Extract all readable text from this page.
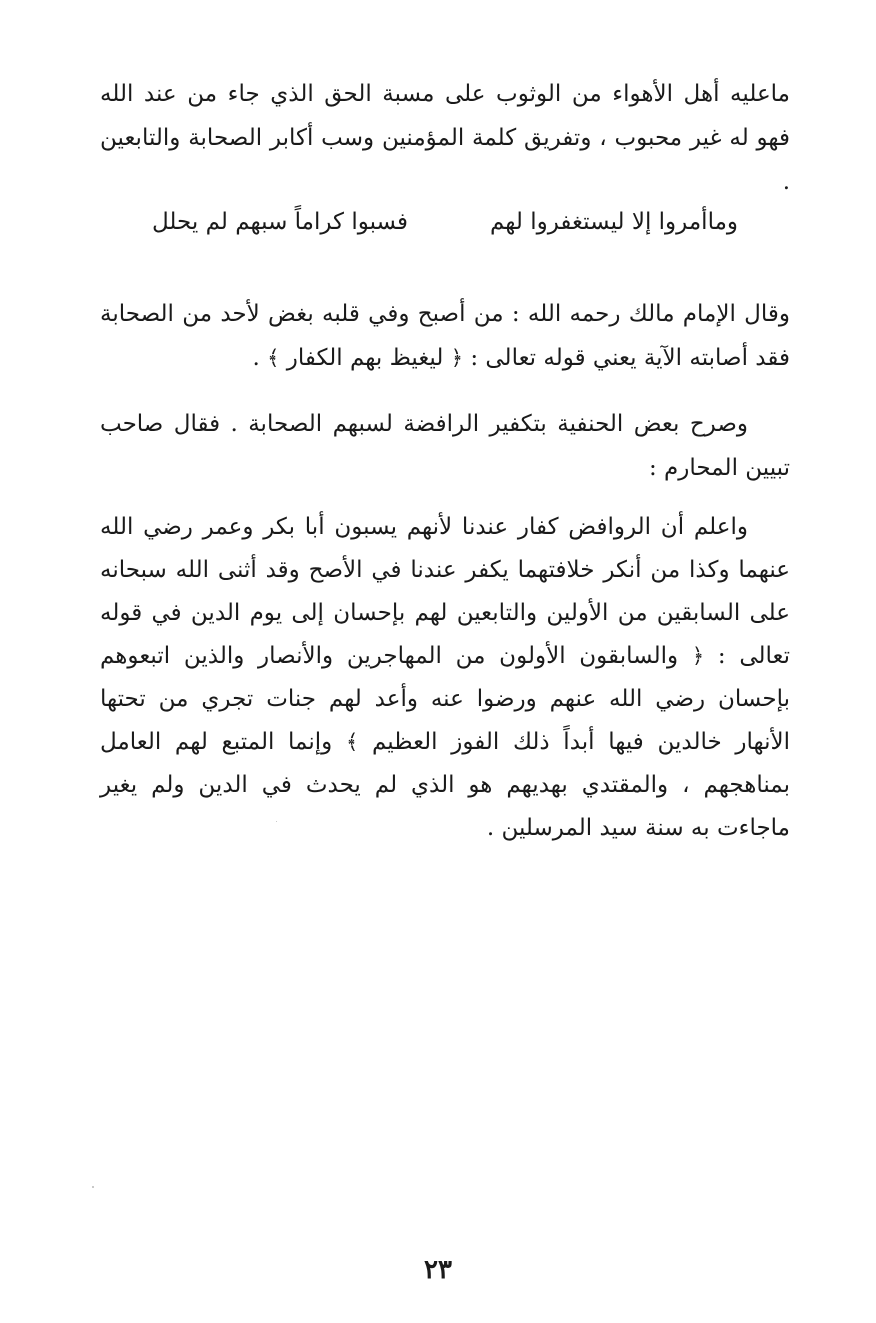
ماعليه أهل الأهواء من الوثوب على مسبة الحق الذي جاء من عند الله فهو له غير محبوب ، وتفريق كلمة المؤمنين وسب أكابر الصحابة والتابعين .

وماأمروا إلا ليستغفروا لهم
فسبوا كراماً سبهم لم يحلل

وقال الإمام مالك رحمه الله : من أصبح وفي قلبه بغض لأحد من الصحابة فقد أصابته الآية يعني قوله تعالى : ﴿ ليغيظ بهم الكفار ﴾ .

وصرح بعض الحنفية بتكفير الرافضة لسبهم الصحابة . فقال صاحب تبيين المحارم :

واعلم أن الروافض كفار عندنا لأنهم يسبون أبا بكر وعمر رضي الله عنهما وكذا من أنكر خلافتهما يكفر عندنا في الأصح وقد أثنى الله سبحانه على السابقين من الأولين والتابعين لهم بإحسان إلى يوم الدين في قوله تعالى : ﴿ والسابقون الأولون من المهاجرين والأنصار والذين اتبعوهم بإحسان رضي الله عنهم ورضوا عنه وأعد لهم جنات تجري من تحتها الأنهار خالدين فيها أبداً ذلك الفوز العظيم ﴾ وإنما المتبع لهم العامل بمناهجهم ، والمقتدي بهديهم هو الذي لم يحدث في الدين ولم يغير ماجاءت به سنة سيد المرسلين .

٢٣
